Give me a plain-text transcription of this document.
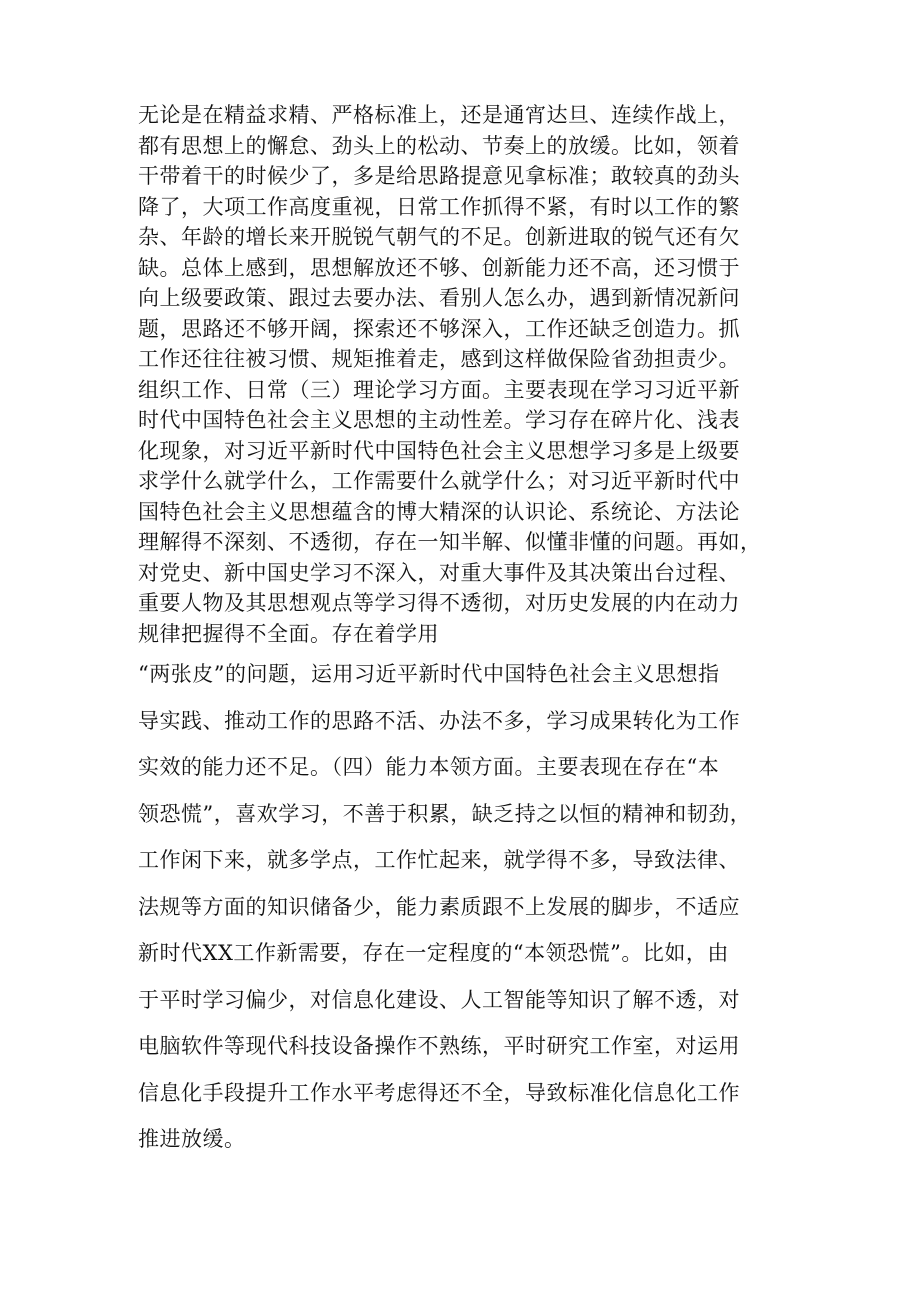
无论是在精益求精、严格标准上，还是通宵达旦、连续作战上，
都有思想上的懈怠、劲头上的松动、节奏上的放缓。比如，领着
干带着干的时候少了，多是给思路提意见拿标准；敢较真的劲头
降了，大项工作高度重视，日常工作抓得不紧，有时以工作的繁
杂、年龄的增长来开脱锐气朝气的不足。创新进取的锐气还有欠
缺。总体上感到，思想解放还不够、创新能力还不高，还习惯于
向上级要政策、跟过去要办法、看别人怎么办，遇到新情况新问
题，思路还不够开阔，探索还不够深入，工作还缺乏创造力。抓
工作还往往被习惯、规矩推着走，感到这样做保险省劲担责少。
组织工作、日常（三）理论学习方面。主要表现在学习习近平新
时代中国特色社会主义思想的主动性差。学习存在碎片化、浅表
化现象，对习近平新时代中国特色社会主义思想学习多是上级要
求学什么就学什么，工作需要什么就学什么；对习近平新时代中
国特色社会主义思想蕴含的博大精深的认识论、系统论、方法论
理解得不深刻、不透彻，存在一知半解、似懂非懂的问题。再如，
对党史、新中国史学习不深入，对重大事件及其决策出台过程、
重要人物及其思想观点等学习得不透彻，对历史发展的内在动力
规律把握得不全面。存在着学用
“两张皮”的问题，运用习近平新时代中国特色社会主义思想指
导实践、推动工作的思路不活、办法不多，学习成果转化为工作
实效的能力还不足。（四）能力本领方面。主要表现在存在“本
领恐慌”，喜欢学习，不善于积累，缺乏持之以恒的精神和韧劲，
工作闲下来，就多学点，工作忙起来，就学得不多，导致法律、
法规等方面的知识储备少，能力素质跟不上发展的脚步，不适应
新时代XX工作新需要，存在一定程度的“本领恐慌”。比如，由
于平时学习偏少，对信息化建设、人工智能等知识了解不透，对
电脑软件等现代科技设备操作不熟练，平时研究工作室，对运用
信息化手段提升工作水平考虑得还不全，导致标准化信息化工作
推进放缓。
